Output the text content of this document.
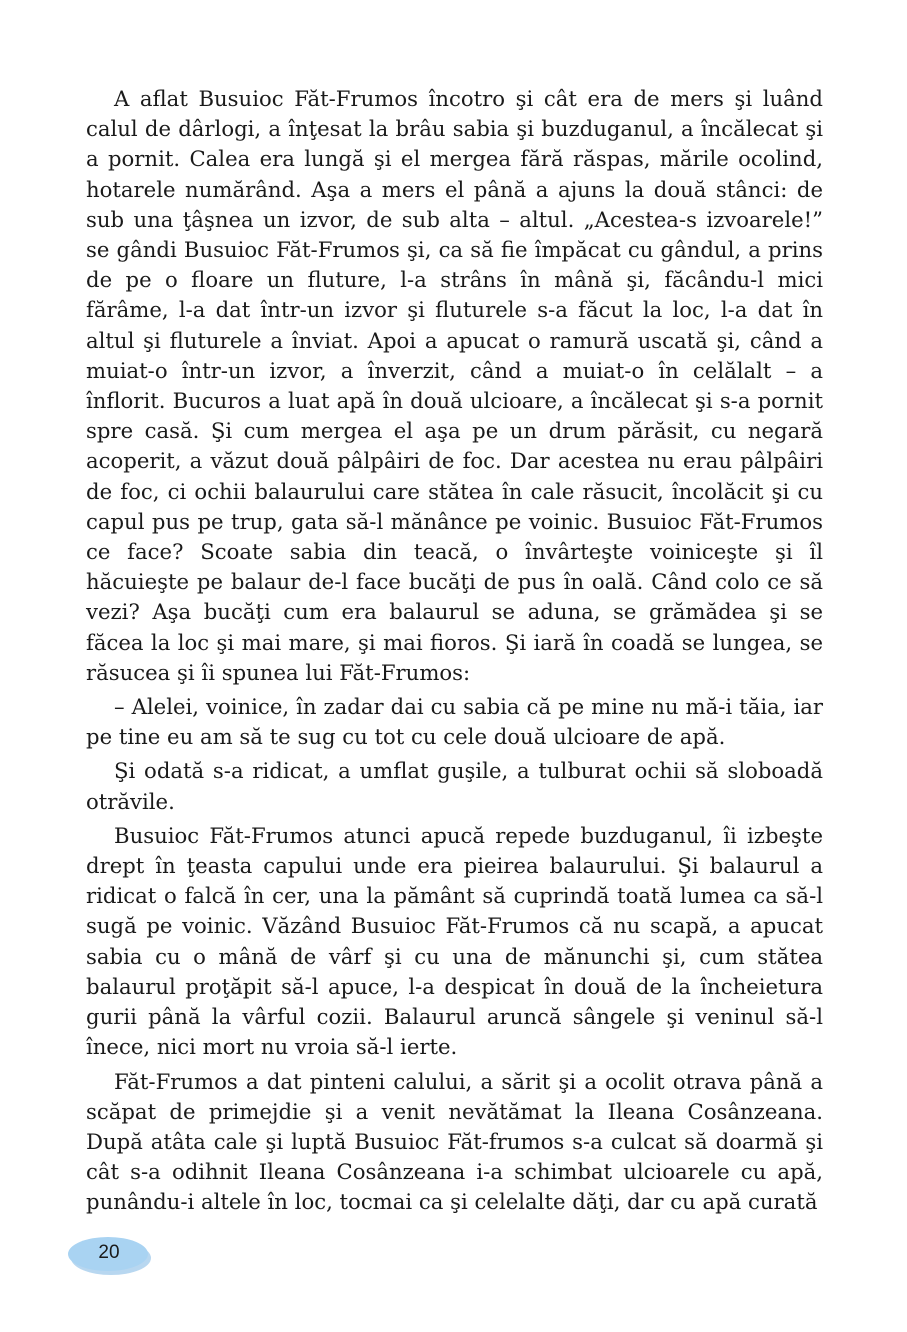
A aflat Busuioc Făt-Frumos încotro şi cât era de mers şi luând calul de dârlogi, a înţesat la brâu sabia şi buzduganul, a încălecat şi a pornit. Calea era lungă şi el mergea fără răspas, mările ocolind, hotarele numărând. Aşa a mers el până a ajuns la două stânci: de sub una ţâşnea un izvor, de sub alta – altul. „Acestea-s izvoarele!” se gândi Busuioc Făt-Frumos şi, ca să fie împăcat cu gândul, a prins de pe o floare un fluture, l-a strâns în mână şi, făcându-l mici fărâme, l-a dat într-un izvor şi fluturele s-a făcut la loc, l-a dat în altul şi fluturele a înviat. Apoi a apucat o ramură uscată şi, când a muiat-o într-un izvor, a înverzit, când a muiat-o în celălalt – a înflorit. Bucuros a luat apă în două ulcioare, a încălecat şi s-a pornit spre casă. Şi cum mergea el aşa pe un drum părăsit, cu negară acoperit, a văzut două pâlpâiri de foc. Dar acestea nu erau pâlpâiri de foc, ci ochii balaurului care stătea în cale răsucit, încolăcit şi cu capul pus pe trup, gata să-l mănânce pe voinic. Busuioc Făt-Frumos ce face? Scoate sabia din teacă, o învârteşte voiniceşte şi îl hăcuieşte pe balaur de-l face bucăţi de pus în oală. Când colo ce să vezi? Aşa bucăţi cum era balaurul se aduna, se grămădea şi se făcea la loc şi mai mare, şi mai fioros. Şi iară în coadă se lungea, se răsucea şi îi spunea lui Făt-Frumos:

– Alelei, voinice, în zadar dai cu sabia că pe mine nu mă-i tăia, iar pe tine eu am să te sug cu tot cu cele două ulcioare de apă.

Şi odată s-a ridicat, a umflat guşile, a tulburat ochii să sloboadă otrăvile.

Busuioc Făt-Frumos atunci apucă repede buzduganul, îi izbeşte drept în ţeasta capului unde era pieirea balaurului. Şi balaurul a ridicat o falcă în cer, una la pământ să cuprindă toată lumea ca să-l sugă pe voinic. Văzând Busuioc Făt-Frumos că nu scapă, a apucat sabia cu o mână de vârf şi cu una de mănunchi şi, cum stătea balaurul proţăpit să-l apuce, l-a despicat în două de la încheietura gurii până la vârful cozii. Balaurul aruncă sângele şi veninul să-l înece, nici mort nu vroia să-l ierte.

Făt-Frumos a dat pinteni calului, a sărit şi a ocolit otrava până a scăpat de primejdie şi a venit nevătămat la Ileana Cosânzeana. După atâta cale şi luptă Busuioc Făt-frumos s-a culcat să doarmă şi cât s-a odihnit Ileana Cosânzeana i-a schimbat ulcioarele cu apă, punându-i altele în loc, tocmai ca şi celelalte dăţi, dar cu apă curată

20
